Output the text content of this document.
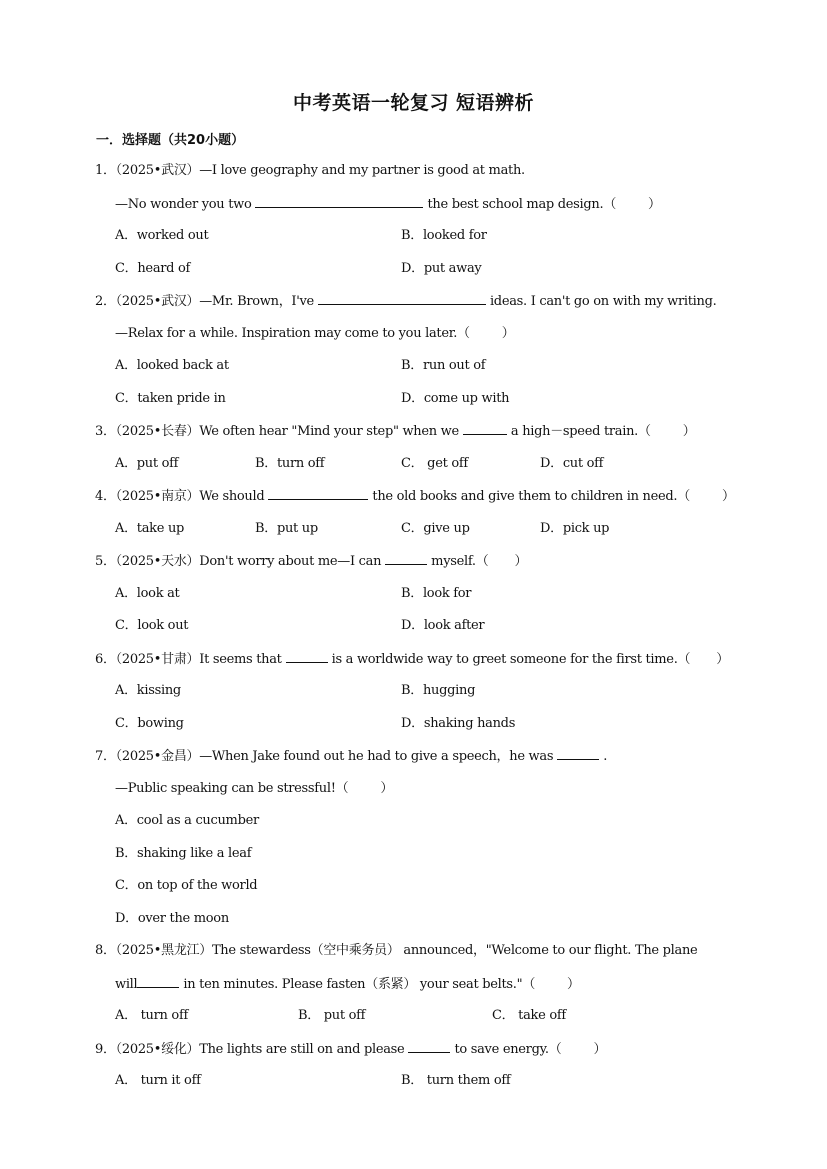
中考英语一轮复习 短语辨析
一．选择题（共20小题）
1．（2025•武汉）—I love geography and my partner is good at math.
—No wonder you two	the best school map design.（ ）
A．worked out	B．looked for
C．heard of	D．put away
2．（2025•武汉）—Mr. Brown，I've	ideas. I can't go on with my writing.
—Relax for a while. Inspiration may come to you later.（ ）
A．looked back at	B．run out of
C．taken pride in	D．come up with
3．（2025•长春）We often hear "Mind your step" when we	a high－speed train.（ ）
A．put off	B．turn off	C． get off	D．cut off
4．（2025•南京）We should	the old books and give them to children in need.（ ）
A．take up	B．put up	C．give up	D．pick up
5．（2025•天水）Don't worry about me—I can	myself.（ ）
A．look at	B．look for
C．look out	D．look after
6．（2025•甘肃）It seems that	is a worldwide way to greet someone for the first time.（ ）
A．kissing	B．hugging
C．bowing	D．shaking hands
7．（2025•金昌）—When Jake found out he had to give a speech，he was	.
—Public speaking can be stressful!（ ）
A．cool as a cucumber
B．shaking like a leaf
C．on top of the world
D．over the moon
8．（2025•黑龙江）The stewardess（空中乘务员） announced，"Welcome to our flight. The plane
will	in ten minutes. Please fasten（系紧） your seat belts."（ ）
A． turn off	B． put off	C． take off
9．（2025•绥化）The lights are still on and please	to save energy.（ ）
A． turn it off	B． turn them off
